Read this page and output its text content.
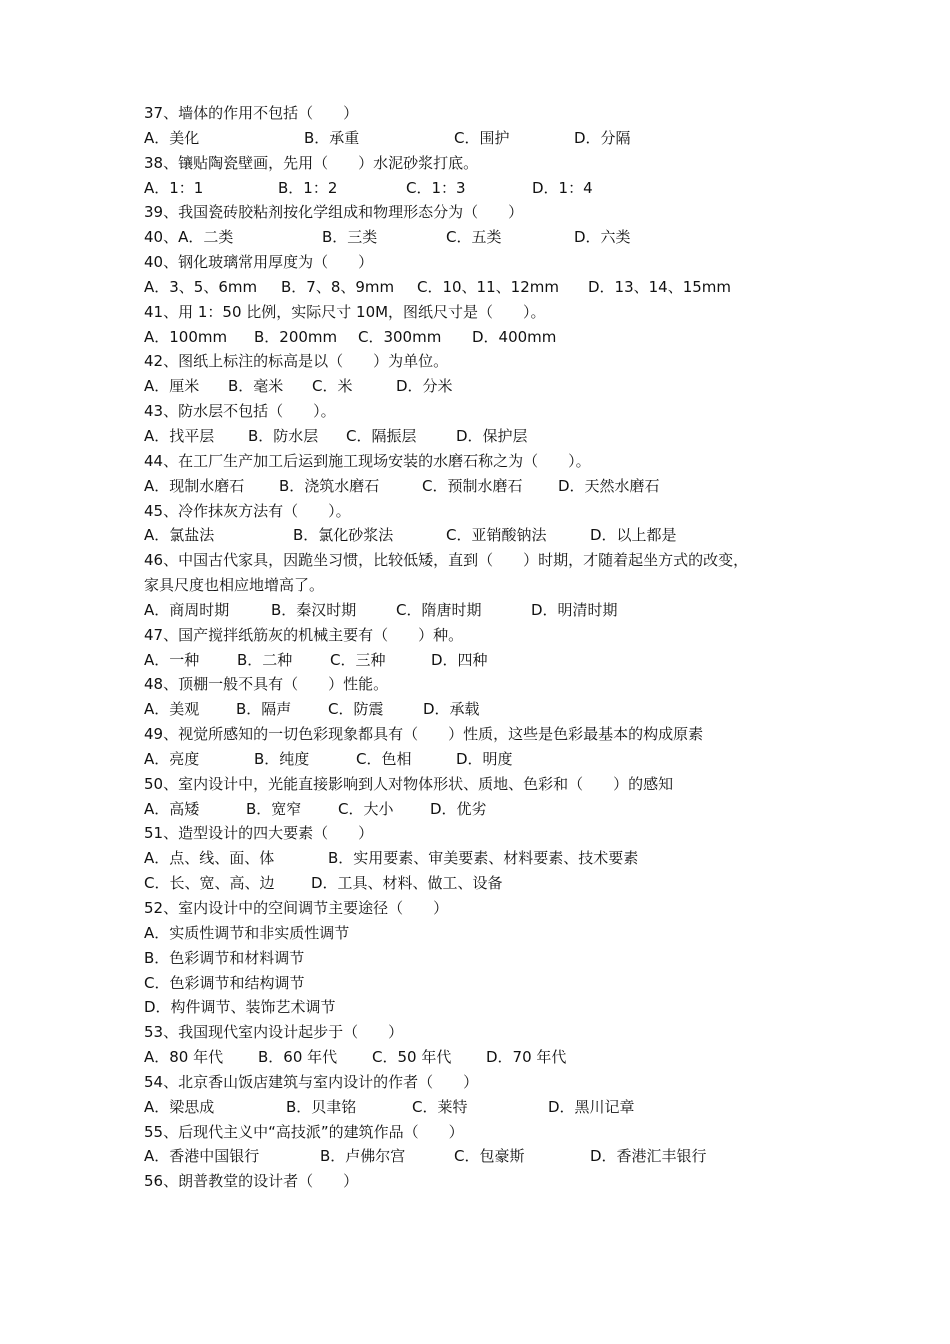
37、墙体的作用不包括（　　）
A．美化	B．承重	C．围护	D．分隔
38、镶贴陶瓷壁画，先用（　　）水泥砂浆打底。
A．1：1	B．1：2	C．1：3	D．1：4
39、我国瓷砖胶粘剂按化学组成和物理形态分为（　　）
40、A．二类	B．三类	C．五类	D．六类
40、钢化玻璃常用厚度为（　　）
A．3、5、6mm B．7、8、9mm C．10、11、12mm D．13、14、15mm
41、用 1：50 比例，实际尺寸 10M，图纸尺寸是（　　）。
A．100mm B．200mm C．300mm D．400mm
42、图纸上标注的标高是以（　　）为单位。
A．厘米 B．毫米 C．米	D．分米
43、防水层不包括（　　）。
A．找平层 B．防水层 C．隔振层	D．保护层
44、在工厂生产加工后运到施工现场安装的水磨石称之为（　　）。
A．现制水磨石 B．浇筑水磨石	C．预制水磨石 D．天然水磨石
45、冷作抹灰方法有（　　）。
A．氯盐法	B．氯化砂浆法	C．亚销酸钠法	D．以上都是
46、中国古代家具，因跪坐习惯，比较低矮，直到（　　）时期，才随着起坐方式的改变，
家具尺度也相应地增高了。
A．商周时期	B．秦汉时期	C．隋唐时期	D．明清时期
47、国产搅拌纸筋灰的机械主要有（　　）种。
A．一种	B．二种	C．三种	D．四种
48、顶棚一般不具有（　　）性能。
A．美观 B．隔声 C．防震	D．承载
49、视觉所感知的一切色彩现象都具有（　　）性质，这些是色彩最基本的构成原素
A．亮度	B．纯度	C．色相	D．明度
50、室内设计中，光能直接影响到人对物体形状、质地、色彩和（　　）的感知
A．高矮	B．宽窄 C．大小 D．优劣
51、造型设计的四大要素（　　）
A．点、线、面、体	B．实用要素、审美要素、材料要素、技术要素
C．长、宽、高、边 D．工具、材料、做工、设备
52、室内设计中的空间调节主要途径（　　）
A．实质性调节和非实质性调节
B．色彩调节和材料调节
C．色彩调节和结构调节
D．构件调节、装饰艺术调节
53、我国现代室内设计起步于（　　）
A．80 年代 B．60 年代 C．50 年代 D．70 年代
54、北京香山饭店建筑与室内设计的作者（　　）
A．梁思成	B．贝聿铭	C．莱特	D．黑川记章
55、后现代主义中“高技派”的建筑作品（　　）
A．香港中国银行	B．卢佛尔宫	C．包豪斯	D．香港汇丰银行
56、朗普教堂的设计者（　　）
